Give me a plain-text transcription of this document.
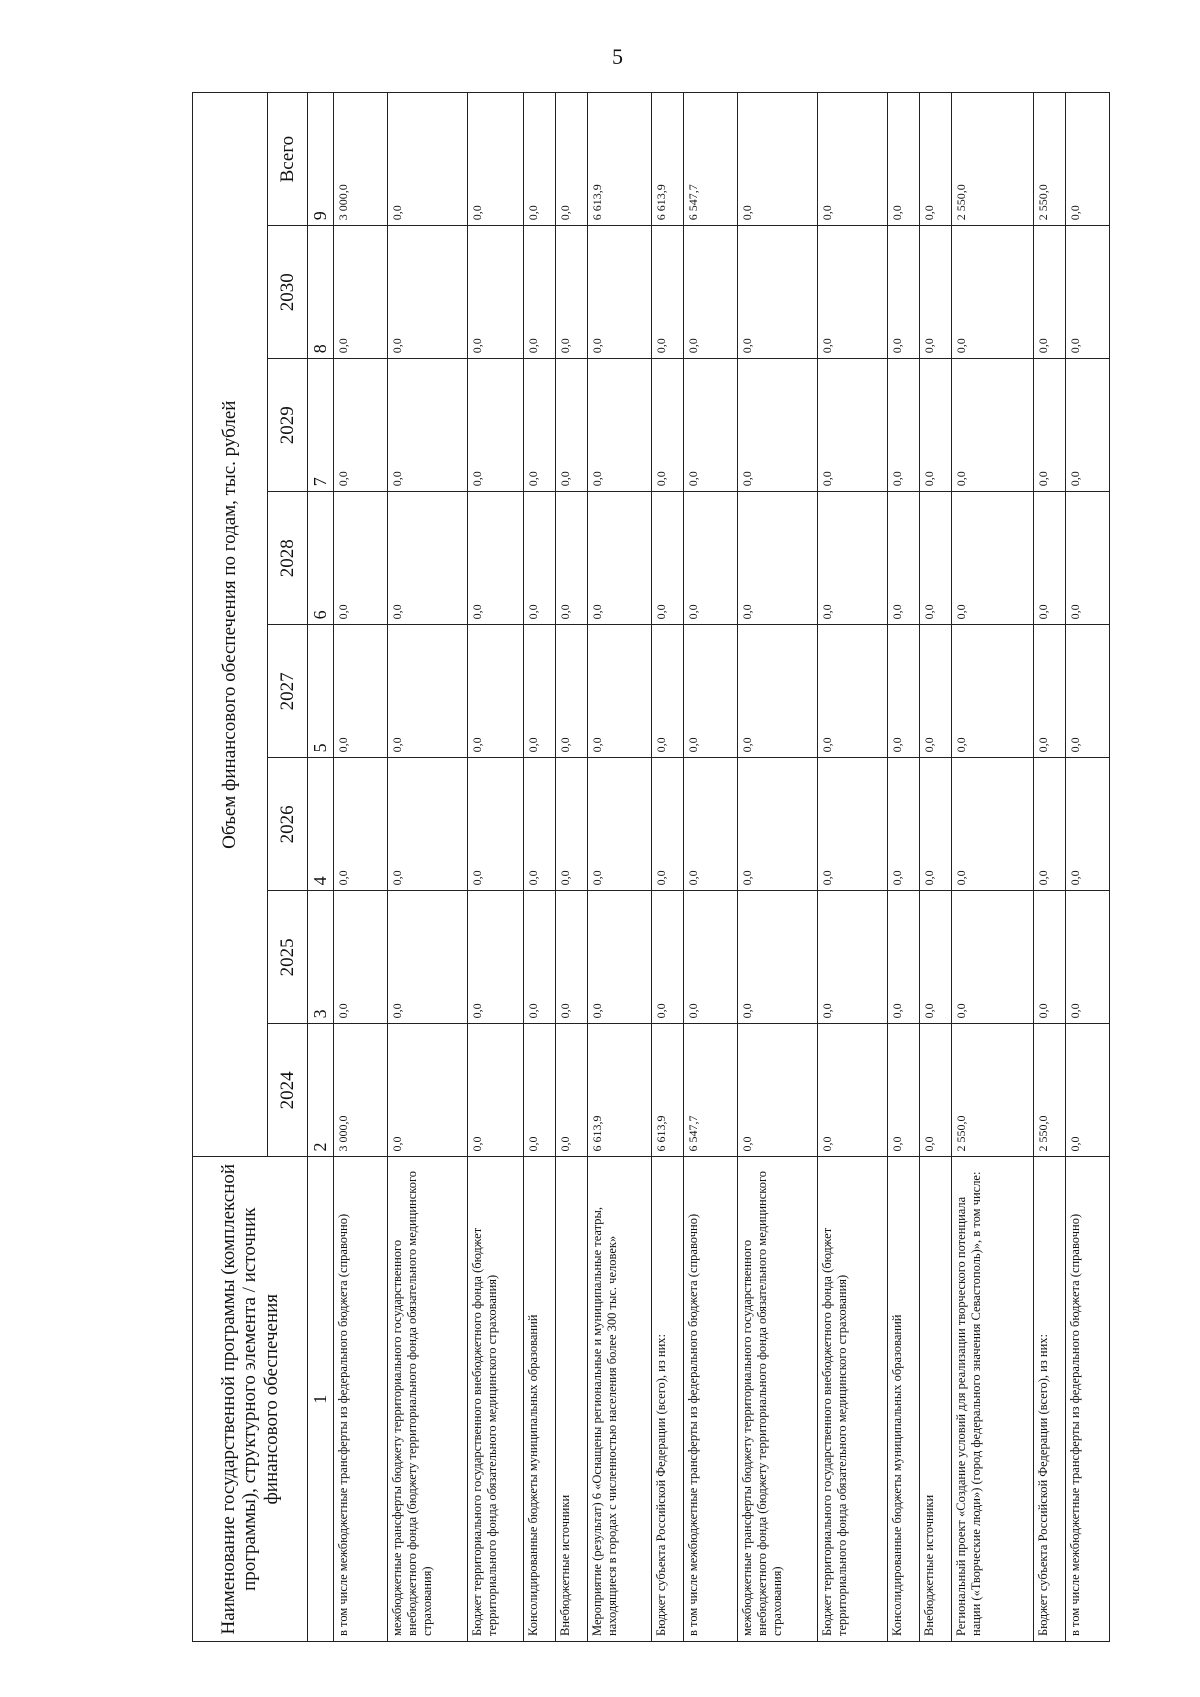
5
Наименование государственной программы (комплексной программы), структурного элемента / источник финансового обеспечения	Объем финансового обеспечения по годам, тыс. рублей							
	2024	2025	2026	2027	2028	2029	2030	Всего
1	2	3	4	5	6	7	8	9
в том числе межбюджетные трансферты из федерального бюджета (справочно)	3 000,0	0,0	0,0	0,0	0,0	0,0	0,0	3 000,0
межбюджетные трансферты бюджету территориального государственного внебюджетного фонда (бюджету территориального фонда обязательного медицинского страхования)	0,0	0,0	0,0	0,0	0,0	0,0	0,0	0,0
Бюджет территориального государственного внебюджетного фонда (бюджет территориального фонда обязательного медицинского страхования)	0,0	0,0	0,0	0,0	0,0	0,0	0,0	0,0
Консолидированные бюджеты муниципальных образований	0,0	0,0	0,0	0,0	0,0	0,0	0,0	0,0
Внебюджетные источники	0,0	0,0	0,0	0,0	0,0	0,0	0,0	0,0
Мероприятие (результат) 6 «Оснащены региональные и муниципальные театры, находящиеся в городах с численностью населения более 300 тыс. человек»	6 613,9	0,0	0,0	0,0	0,0	0,0	0,0	6 613,9
Бюджет субъекта Российской Федерации (всего), из них:	6 613,9	0,0	0,0	0,0	0,0	0,0	0,0	6 613,9
в том числе межбюджетные трансферты из федерального бюджета (справочно)	6 547,7	0,0	0,0	0,0	0,0	0,0	0,0	6 547,7
межбюджетные трансферты бюджету территориального государственного внебюджетного фонда (бюджету территориального фонда обязательного медицинского страхования)	0,0	0,0	0,0	0,0	0,0	0,0	0,0	0,0
Бюджет территориального государственного внебюджетного фонда (бюджет территориального фонда обязательного медицинского страхования)	0,0	0,0	0,0	0,0	0,0	0,0	0,0	0,0
Консолидированные бюджеты муниципальных образований	0,0	0,0	0,0	0,0	0,0	0,0	0,0	0,0
Внебюджетные источники	0,0	0,0	0,0	0,0	0,0	0,0	0,0	0,0
Региональный проект «Создание условий для реализации творческого потенциала нации («Творческие люди») (город федерального значения Севастополь)», в том числе:	2 550,0	0,0	0,0	0,0	0,0	0,0	0,0	2 550,0
Бюджет субъекта Российской Федерации (всего), из них:	2 550,0	0,0	0,0	0,0	0,0	0,0	0,0	2 550,0
в том числе межбюджетные трансферты из федерального бюджета (справочно)	0,0	0,0	0,0	0,0	0,0	0,0	0,0	0,0
